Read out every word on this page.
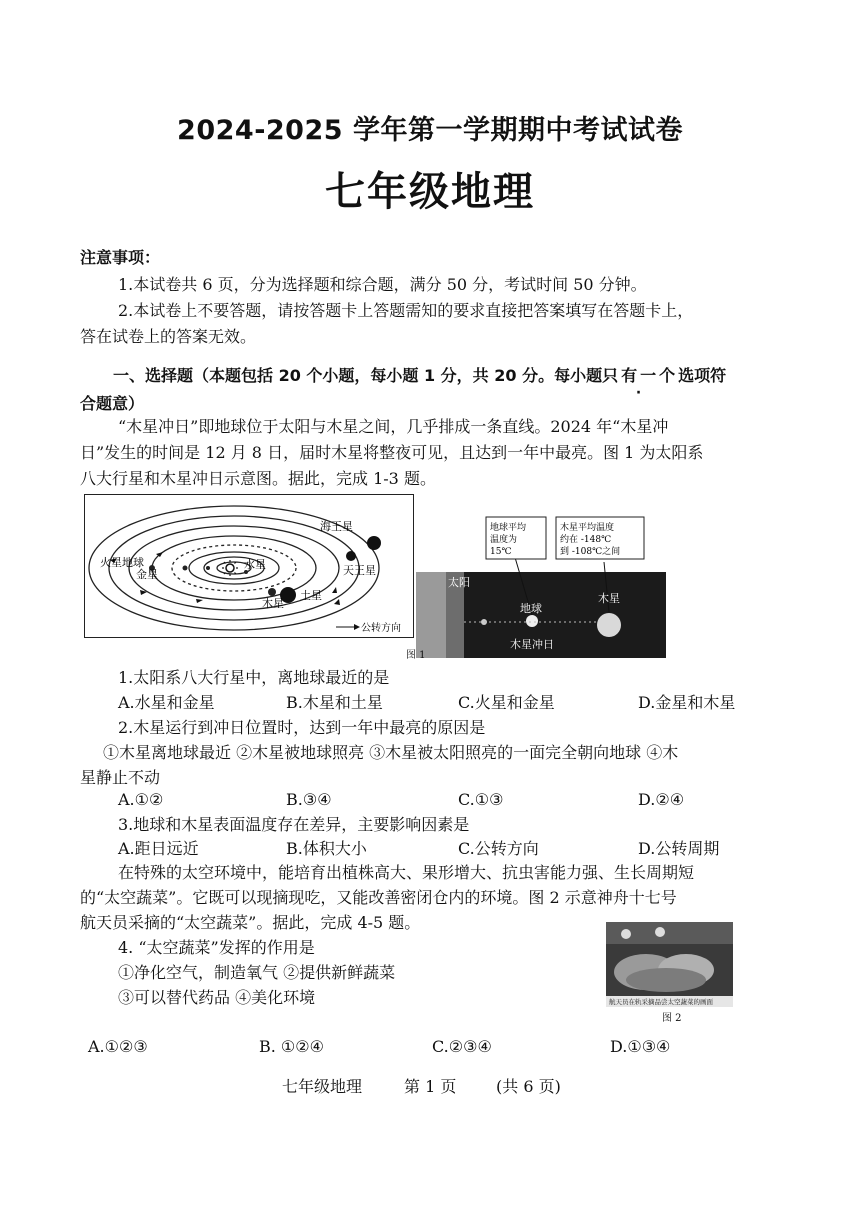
2024-2025 学年第一学期期中考试试卷
七年级地理
注意事项：
1.本试卷共 6 页，分为选择题和综合题，满分 50 分，考试时间 50 分钟。
2.本试卷上不要答题，请按答题卡上答题需知的要求直接把答案填写在答题卡上，
答在试卷上的答案无效。
一、选择题（本题包括 20 个小题，每小题 1 分，共 20 分。每小题只有一个选项符
合题意）
“木星冲日”即地球位于太阳与木星之间，几乎排成一条直线。2024 年“木星冲
日”发生的时间是 12 月 8 日，届时木星将整夜可见，且达到一年中最亮。图 1 为太阳系
八大行星和木星冲日示意图。据此，完成 1-3 题。
海王星
火星 地球
金星
水星	天王星
土星
木星
公转方向
地球平均
温度为
15℃
木星平均温度
约在 -148℃
到 -108℃之间
太阳
地球
木星
木星冲日
图 1
1.太阳系八大行星中，离地球最近的是
A.水星和金星	B.木星和土星	C.火星和金星	D.金星和木星
2.木星运行到冲日位置时，达到一年中最亮的原因是
①木星离地球最近 ②木星被地球照亮 ③木星被太阳照亮的一面完全朝向地球 ④木
星静止不动
A.①②	B.③④	C.①③	D.②④
3.地球和木星表面温度存在差异，主要影响因素是
A.距日远近	B.体积大小	C.公转方向	D.公转周期
在特殊的太空环境中，能培育出植株高大、果形增大、抗虫害能力强、生长周期短
的“太空蔬菜”。它既可以现摘现吃，又能改善密闭仓内的环境。图 2 示意神舟十七号
航天员采摘的“太空蔬菜”。据此，完成 4-5 题。
4. “太空蔬菜”发挥的作用是
①净化空气，制造氧气 ②提供新鲜蔬菜
③可以替代药品 ④美化环境	航天员在轨采摘品尝太空蔬菜的画面
图 2
A.①②③	B. ①②④	C.②③④	D.①③④
七年级地理	第 1 页 (共 6 页)
